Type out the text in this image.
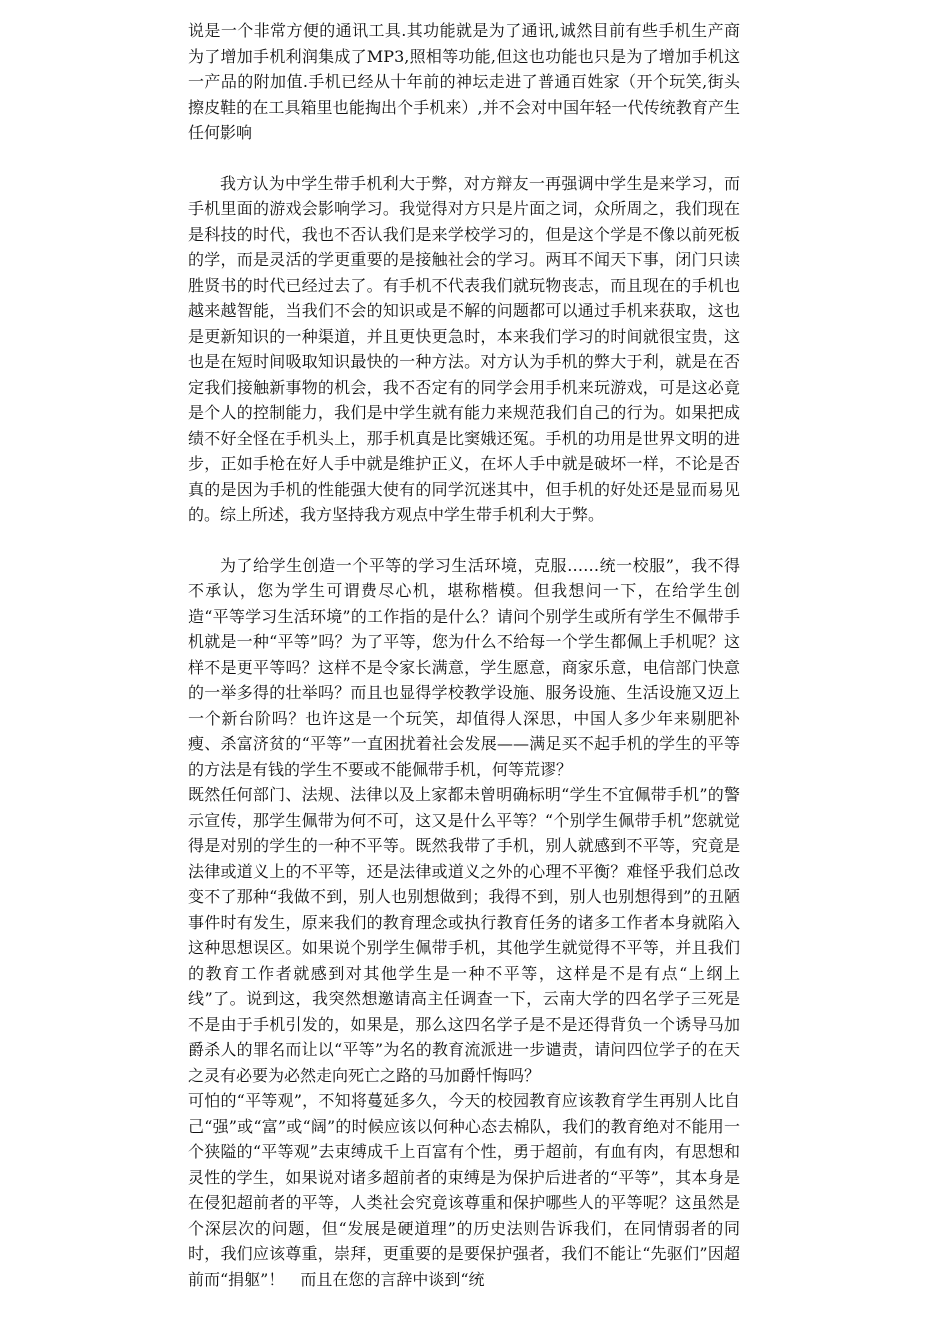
说是一个非常方便的通讯工具.其功能就是为了通讯,诚然目前有些手机生产商为了增加手机利润集成了MP3,照相等功能,但这也功能也只是为了增加手机这一产品的附加值.手机已经从十年前的神坛走进了普通百姓家（开个玩笑,街头擦皮鞋的在工具箱里也能掏出个手机来）,并不会对中国年轻一代传统教育产生任何影响

我方认为中学生带手机利大于弊，对方辩友一再强调中学生是来学习，而手机里面的游戏会影响学习。我觉得对方只是片面之词，众所周之，我们现在是科技的时代，我也不否认我们是来学校学习的，但是这个学是不像以前死板的学，而是灵活的学更重要的是接触社会的学习。两耳不闻天下事，闭门只读胜贤书的时代已经过去了。有手机不代表我们就玩物丧志，而且现在的手机也越来越智能，当我们不会的知识或是不解的问题都可以通过手机来获取，这也是更新知识的一种渠道，并且更快更急时，本来我们学习的时间就很宝贵，这也是在短时间吸取知识最快的一种方法。对方认为手机的弊大于利，就是在否定我们接触新事物的机会，我不否定有的同学会用手机来玩游戏，可是这必竟是个人的控制能力，我们是中学生就有能力来规范我们自己的行为。如果把成绩不好全怪在手机头上，那手机真是比窦娥还冤。手机的功用是世界文明的进步，正如手枪在好人手中就是维护正义，在坏人手中就是破坏一样，不论是否真的是因为手机的性能强大使有的同学沉迷其中，但手机的好处还是显而易见的。综上所述，我方坚持我方观点中学生带手机利大于弊。

为了给学生创造一个平等的学习生活环境，克服……统一校服”，我不得不承认，您为学生可谓费尽心机，堪称楷模。但我想问一下，在给学生创造“平等学习生活环境”的工作指的是什么？请问个别学生或所有学生不佩带手机就是一种“平等”吗？为了平等，您为什么不给每一个学生都佩上手机呢？这样不是更平等吗？这样不是令家长满意，学生愿意，商家乐意，电信部门快意的一举多得的壮举吗？而且也显得学校教学设施、服务设施、生活设施又迈上一个新台阶吗？也许这是一个玩笑，却值得人深思，中国人多少年来剔肥补瘦、杀富济贫的“平等”一直困扰着社会发展——满足买不起手机的学生的平等的方法是有钱的学生不要或不能佩带手机，何等荒谬？
既然任何部门、法规、法律以及上家都未曾明确标明“学生不宜佩带手机”的警示宣传，那学生佩带为何不可，这又是什么平等？“个别学生佩带手机”您就觉得是对别的学生的一种不平等。既然我带了手机，别人就感到不平等，究竟是法律或道义上的不平等，还是法律或道义之外的心理不平衡？难怪乎我们总改变不了那种“我做不到，别人也别想做到；我得不到，别人也别想得到”的丑陋事件时有发生，原来我们的教育理念或执行教育任务的诸多工作者本身就陷入这种思想误区。如果说个别学生佩带手机，其他学生就觉得不平等，并且我们的教育工作者就感到对其他学生是一种不平等，这样是不是有点“上纲上线”了。说到这，我突然想邀请高主任调查一下，云南大学的四名学子三死是不是由于手机引发的，如果是，那么这四名学子是不是还得背负一个诱导马加爵杀人的罪名而让以“平等”为名的教育流派进一步谴责，请问四位学子的在天之灵有必要为必然走向死亡之路的马加爵忏悔吗？
可怕的“平等观”，不知将蔓延多久，今天的校园教育应该教育学生再别人比自己“强”或“富”或“阔”的时候应该以何种心态去棉队，我们的教育绝对不能用一个狭隘的“平等观”去束缚成千上百富有个性，勇于超前，有血有肉，有思想和灵性的学生，如果说对诸多超前者的束缚是为保护后进者的“平等”，其本身是在侵犯超前者的平等，人类社会究竟该尊重和保护哪些人的平等呢？这虽然是个深层次的问题，但“发展是硬道理”的历史法则告诉我们，在同情弱者的同时，我们应该尊重，崇拜，更重要的是要保护强者，我们不能让“先驱们”因超前而“捐躯”！　而且在您的言辞中谈到“统
